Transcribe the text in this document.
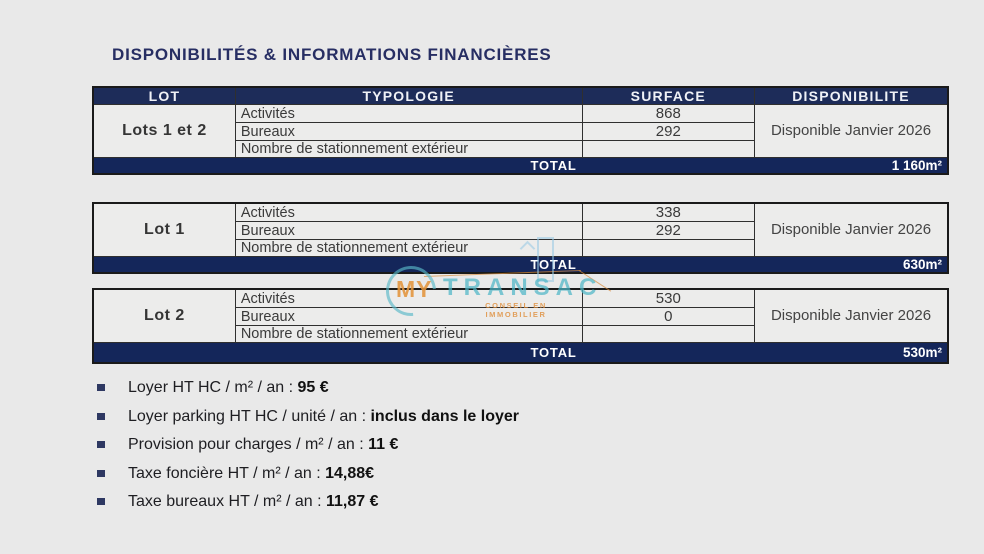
DISPONIBILITÉS & INFORMATIONS FINANCIÈRES
LOT	TYPOLOGIE	SURFACE	DISPONIBILITE
Lots 1 et 2	Activités	868	Disponible Janvier 2026
	Bureaux	292	
	Nombre de stationnement extérieur		
TOTAL		1 160m²	
Lot 1	Activités	338	Disponible Janvier 2026
	Bureaux	292	
	Nombre de stationnement extérieur		
TOTAL		630m²	
Lot 2	Activités	530	Disponible Janvier 2026
	Bureaux	0	
	Nombre de stationnement extérieur		
TOTAL		530m²	
Loyer HT HC / m² / an : 95 €
Loyer parking HT HC / unité / an : inclus dans le loyer
Provision pour charges / m² / an : 11 €
Taxe foncière HT / m² / an : 14,88€
Taxe bureaux HT / m² / an : 11,87 €
MY TRANSAC
CONSEIL EN IMMOBILIER
